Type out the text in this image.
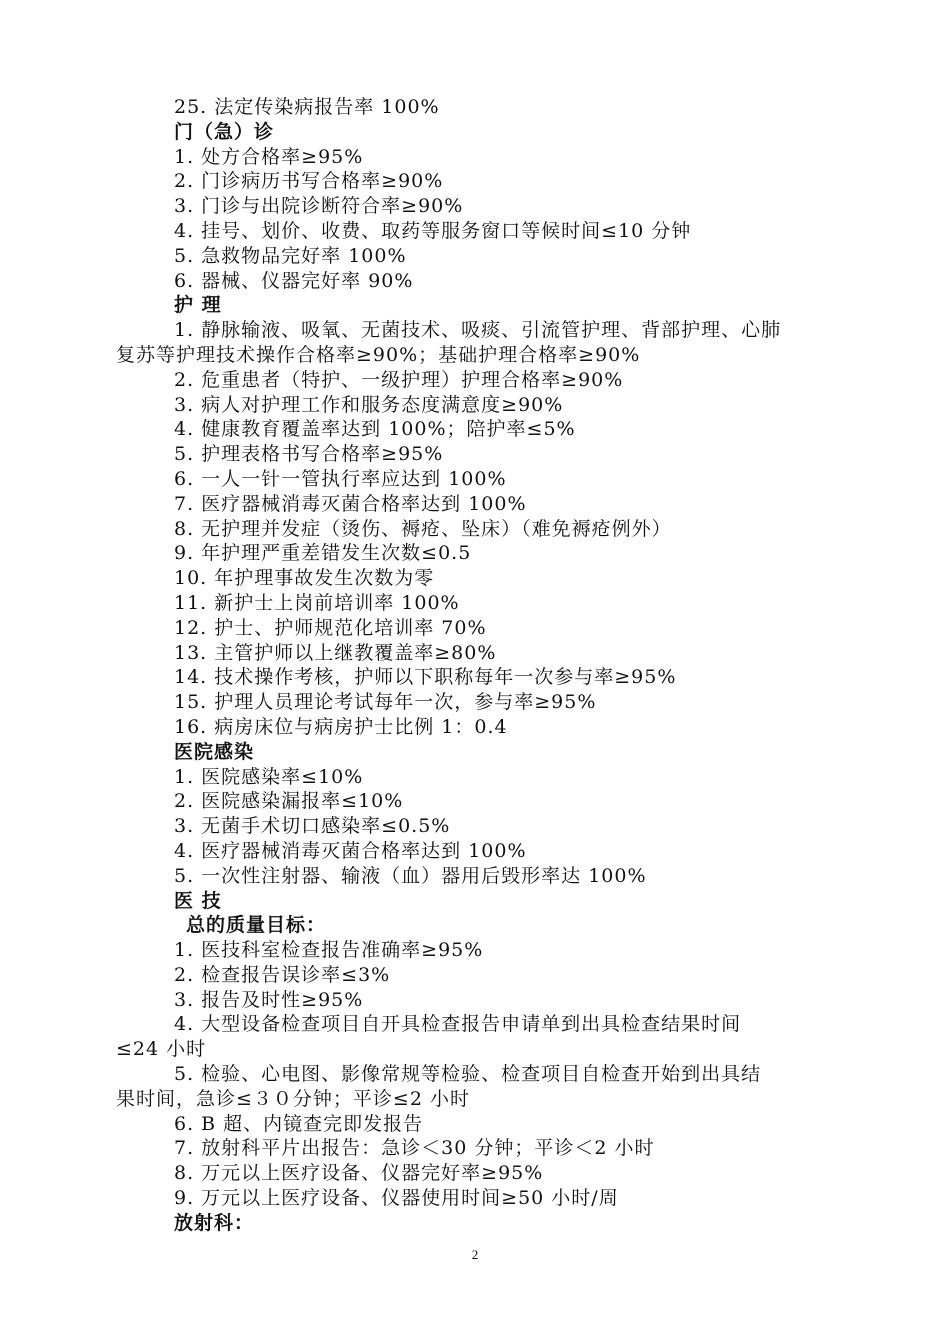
25. 法定传染病报告率 100%
门（急）诊
1. 处方合格率≥95%
2. 门诊病历书写合格率≥90%
3. 门诊与出院诊断符合率≥90%
4. 挂号、划价、收费、取药等服务窗口等候时间≤10 分钟
5. 急救物品完好率 100%
6. 器械、仪器完好率 90%
护 理
1. 静脉输液、吸氧、无菌技术、吸痰、引流管护理、背部护理、心肺
复苏等护理技术操作合格率≥90%；基础护理合格率≥90%
2. 危重患者（特护、一级护理）护理合格率≥90%
3. 病人对护理工作和服务态度满意度≥90%
4. 健康教育覆盖率达到 100%；陪护率≤5%
5. 护理表格书写合格率≥95%
6. 一人一针一管执行率应达到 100%
7. 医疗器械消毒灭菌合格率达到 100%
8. 无护理并发症（烫伤、褥疮、坠床）（难免褥疮例外）
9. 年护理严重差错发生次数≤0.5
10. 年护理事故发生次数为零
11. 新护士上岗前培训率 100%
12. 护士、护师规范化培训率 70%
13. 主管护师以上继教覆盖率≥80%
14. 技术操作考核，护师以下职称每年一次参与率≥95%
15. 护理人员理论考试每年一次，参与率≥95%
16. 病房床位与病房护士比例 1：0.4
医院感染
1. 医院感染率≤10%
2. 医院感染漏报率≤10%
3. 无菌手术切口感染率≤0.5%
4. 医疗器械消毒灭菌合格率达到 100%
5. 一次性注射器、输液（血）器用后毁形率达 100%
医 技
总的质量目标：
1. 医技科室检查报告准确率≥95%
2. 检查报告误诊率≤3%
3. 报告及时性≥95%
4. 大型设备检查项目自开具检查报告申请单到出具检查结果时间
≤24 小时
5. 检验、心电图、影像常规等检验、检查项目自检查开始到出具结
果时间，急诊≤３０分钟；平诊≤2 小时
6. B 超、内镜查完即发报告
7. 放射科平片出报告：急诊＜30 分钟；平诊＜2 小时
8. 万元以上医疗设备、仪器完好率≥95%
9. 万元以上医疗设备、仪器使用时间≥50 小时/周
放射科：
2
